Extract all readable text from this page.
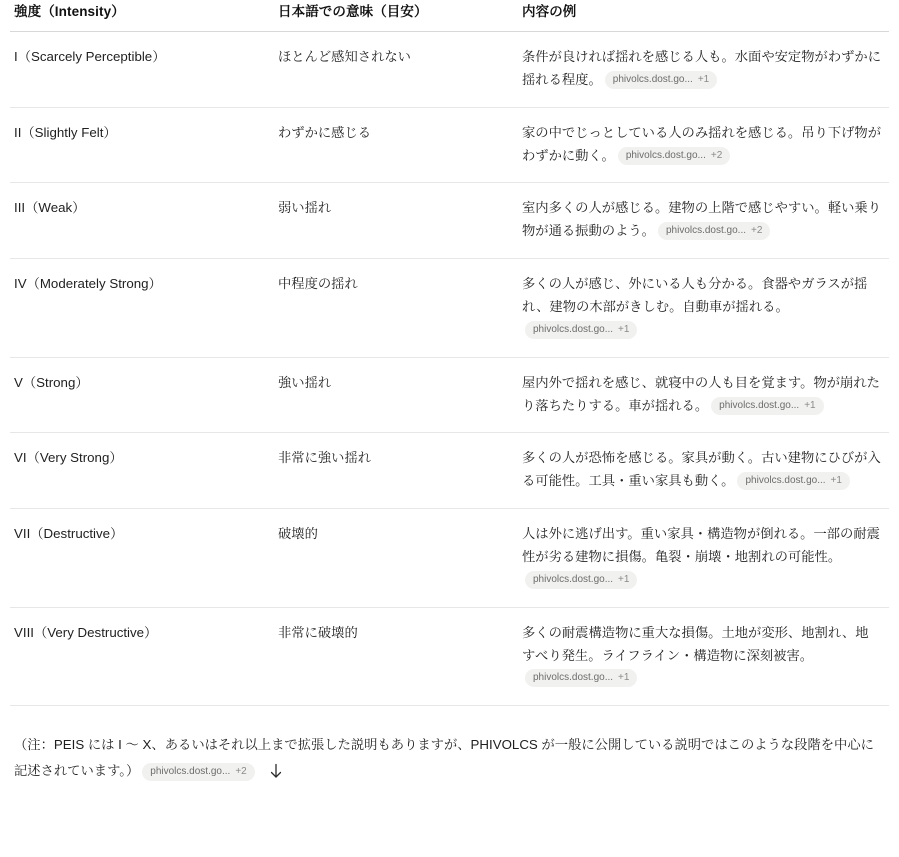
強度（Intensity）	日本語での意味（目安）	内容の例
I（Scarcely Perceptible）	ほとんど感知されない	条件が良ければ揺れを感じる人も。水面や安定物がわずかに揺れる程度。 phivolcs.dost.go... +1
II（Slightly Felt）	わずかに感じる	家の中でじっとしている人のみ揺れを感じる。吊り下げ物がわずかに動く。 phivolcs.dost.go... +2
III（Weak）	弱い揺れ	室内多くの人が感じる。建物の上階で感じやすい。軽い乗り物が通る振動のよう。 phivolcs.dost.go... +2
IV（Moderately Strong）	中程度の揺れ	多くの人が感じ、外にいる人も分かる。食器やガラスが揺れ、建物の木部がきしむ。自動車が揺れる。phivolcs.dost.go... +1
V（Strong）	強い揺れ	屋内外で揺れを感じ、就寝中の人も目を覚ます。物が崩れたり落ちたりする。車が揺れる。 phivolcs.dost.go... +1
VI（Very Strong）	非常に強い揺れ	多くの人が恐怖を感じる。家具が動く。古い建物にひびが入る可能性。工具・重い家具も動く。 phivolcs.dost.go... +1
VII（Destructive）	破壊的	人は外に逃げ出す。重い家具・構造物が倒れる。一部の耐震性が劣る建物に損傷。亀裂・崩壊・地割れの可能性。phivolcs.dost.go... +1
VIII（Very Destructive）	非常に破壊的	多くの耐震構造物に重大な損傷。土地が変形、地割れ、地すべり発生。ライフライン・構造物に深刻被害。phivolcs.dost.go... +1
（注：PEIS には I ～ X、あるいはそれ以上まで拡張した説明もありますが、PHIVOLCS が一般に公開している説明ではこのような段階を中心に記述されています。） phivolcs.dost.go... +2
